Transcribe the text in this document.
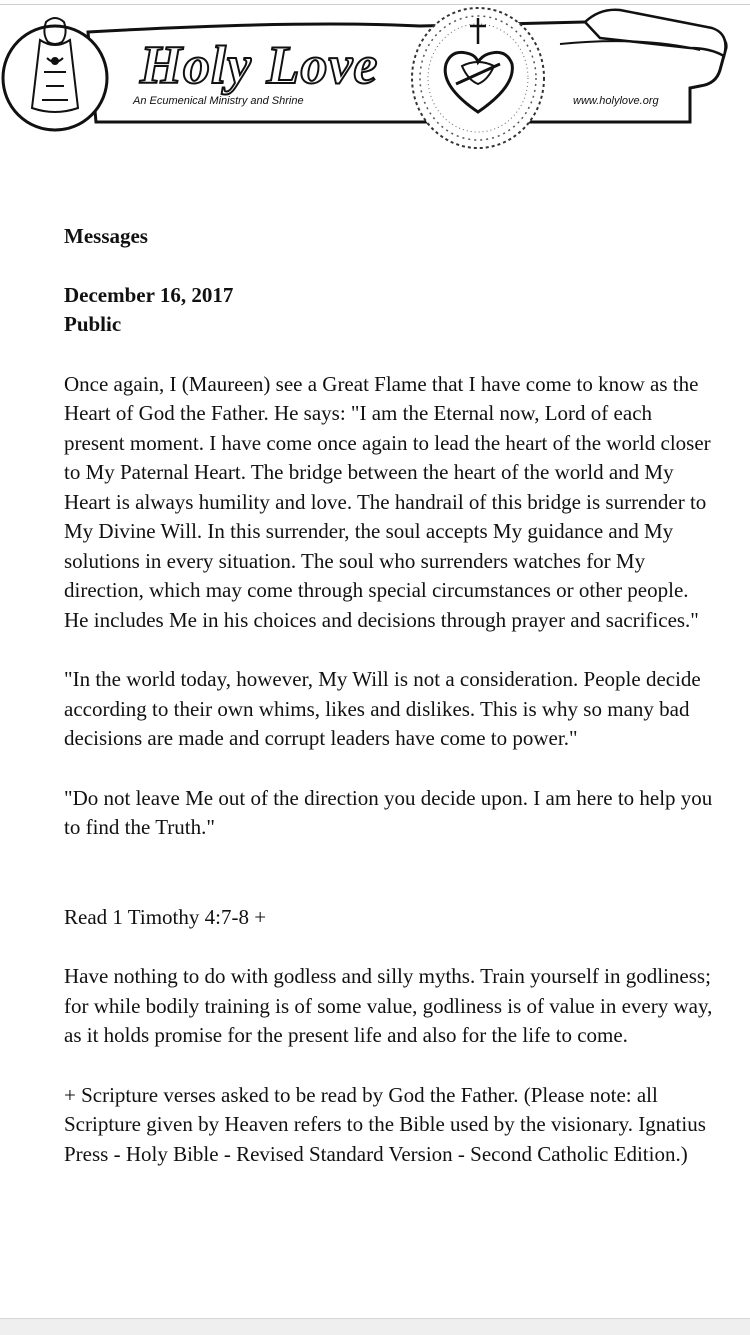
Holy Love
An Ecumenical Ministry and Shrine	www.holylove.org

Messages

December 16, 2017

Public

Once again, I (Maureen) see a Great Flame that I have come to know as the Heart of God the Father. He says: "I am the Eternal now, Lord of each present moment. I have come once again to lead the heart of the world closer to My Paternal Heart. The bridge between the heart of the world and My Heart is always humility and love. The handrail of this bridge is surrender to My Divine Will. In this surrender, the soul accepts My guidance and My solutions in every situation. The soul who surrenders watches for My direction, which may come through special circumstances or other people. He includes Me in his choices and decisions through prayer and sacrifices."

"In the world today, however, My Will is not a consideration. People decide according to their own whims, likes and dislikes. This is why so many bad decisions are made and corrupt leaders have come to power."

"Do not leave Me out of the direction you decide upon. I am here to help you to find the Truth."

Read 1 Timothy 4:7-8 +

Have nothing to do with godless and silly myths. Train yourself in godliness; for while bodily training is of some value, godliness is of value in every way, as it holds promise for the present life and also for the life to come.

+ Scripture verses asked to be read by God the Father. (Please note: all Scripture given by Heaven refers to the Bible used by the visionary. Ignatius Press - Holy Bible - Revised Standard Version - Second Catholic Edition.)
